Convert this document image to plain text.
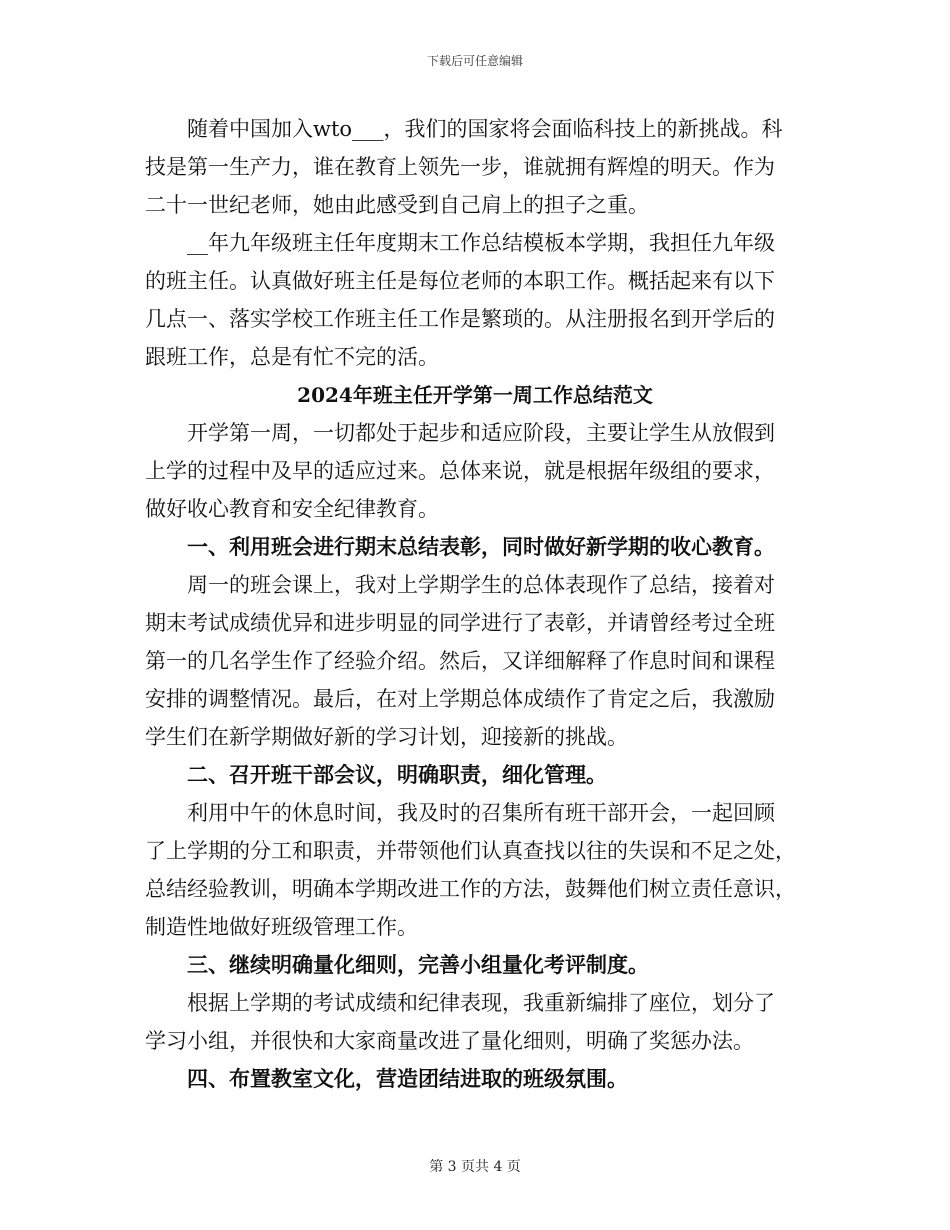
下载后可任意编辑
随着中国加入wto___，我们的国家将会面临科技上的新挑战。科
技是第一生产力，谁在教育上领先一步，谁就拥有辉煌的明天。作为
二十一世纪老师，她由此感受到自己肩上的担子之重。
__年九年级班主任年度期末工作总结模板本学期，我担任九年级
的班主任。认真做好班主任是每位老师的本职工作。概括起来有以下
几点一、落实学校工作班主任工作是繁琐的。从注册报名到开学后的
跟班工作，总是有忙不完的活。
2024年班主任开学第一周工作总结范文
开学第一周，一切都处于起步和适应阶段，主要让学生从放假到
上学的过程中及早的适应过来。总体来说，就是根据年级组的要求，
做好收心教育和安全纪律教育。
一、利用班会进行期末总结表彰，同时做好新学期的收心教育。
周一的班会课上，我对上学期学生的总体表现作了总结，接着对
期末考试成绩优异和进步明显的同学进行了表彰，并请曾经考过全班
第一的几名学生作了经验介绍。然后，又详细解释了作息时间和课程
安排的调整情况。最后，在对上学期总体成绩作了肯定之后，我激励
学生们在新学期做好新的学习计划，迎接新的挑战。
二、召开班干部会议，明确职责，细化管理。
利用中午的休息时间，我及时的召集所有班干部开会，一起回顾
了上学期的分工和职责，并带领他们认真查找以往的失误和不足之处，
总结经验教训，明确本学期改进工作的方法，鼓舞他们树立责任意识，
制造性地做好班级管理工作。
三、继续明确量化细则，完善小组量化考评制度。
根据上学期的考试成绩和纪律表现，我重新编排了座位，划分了
学习小组，并很快和大家商量改进了量化细则，明确了奖惩办法。
四、布置教室文化，营造团结进取的班级氛围。
第 3 页共 4 页
